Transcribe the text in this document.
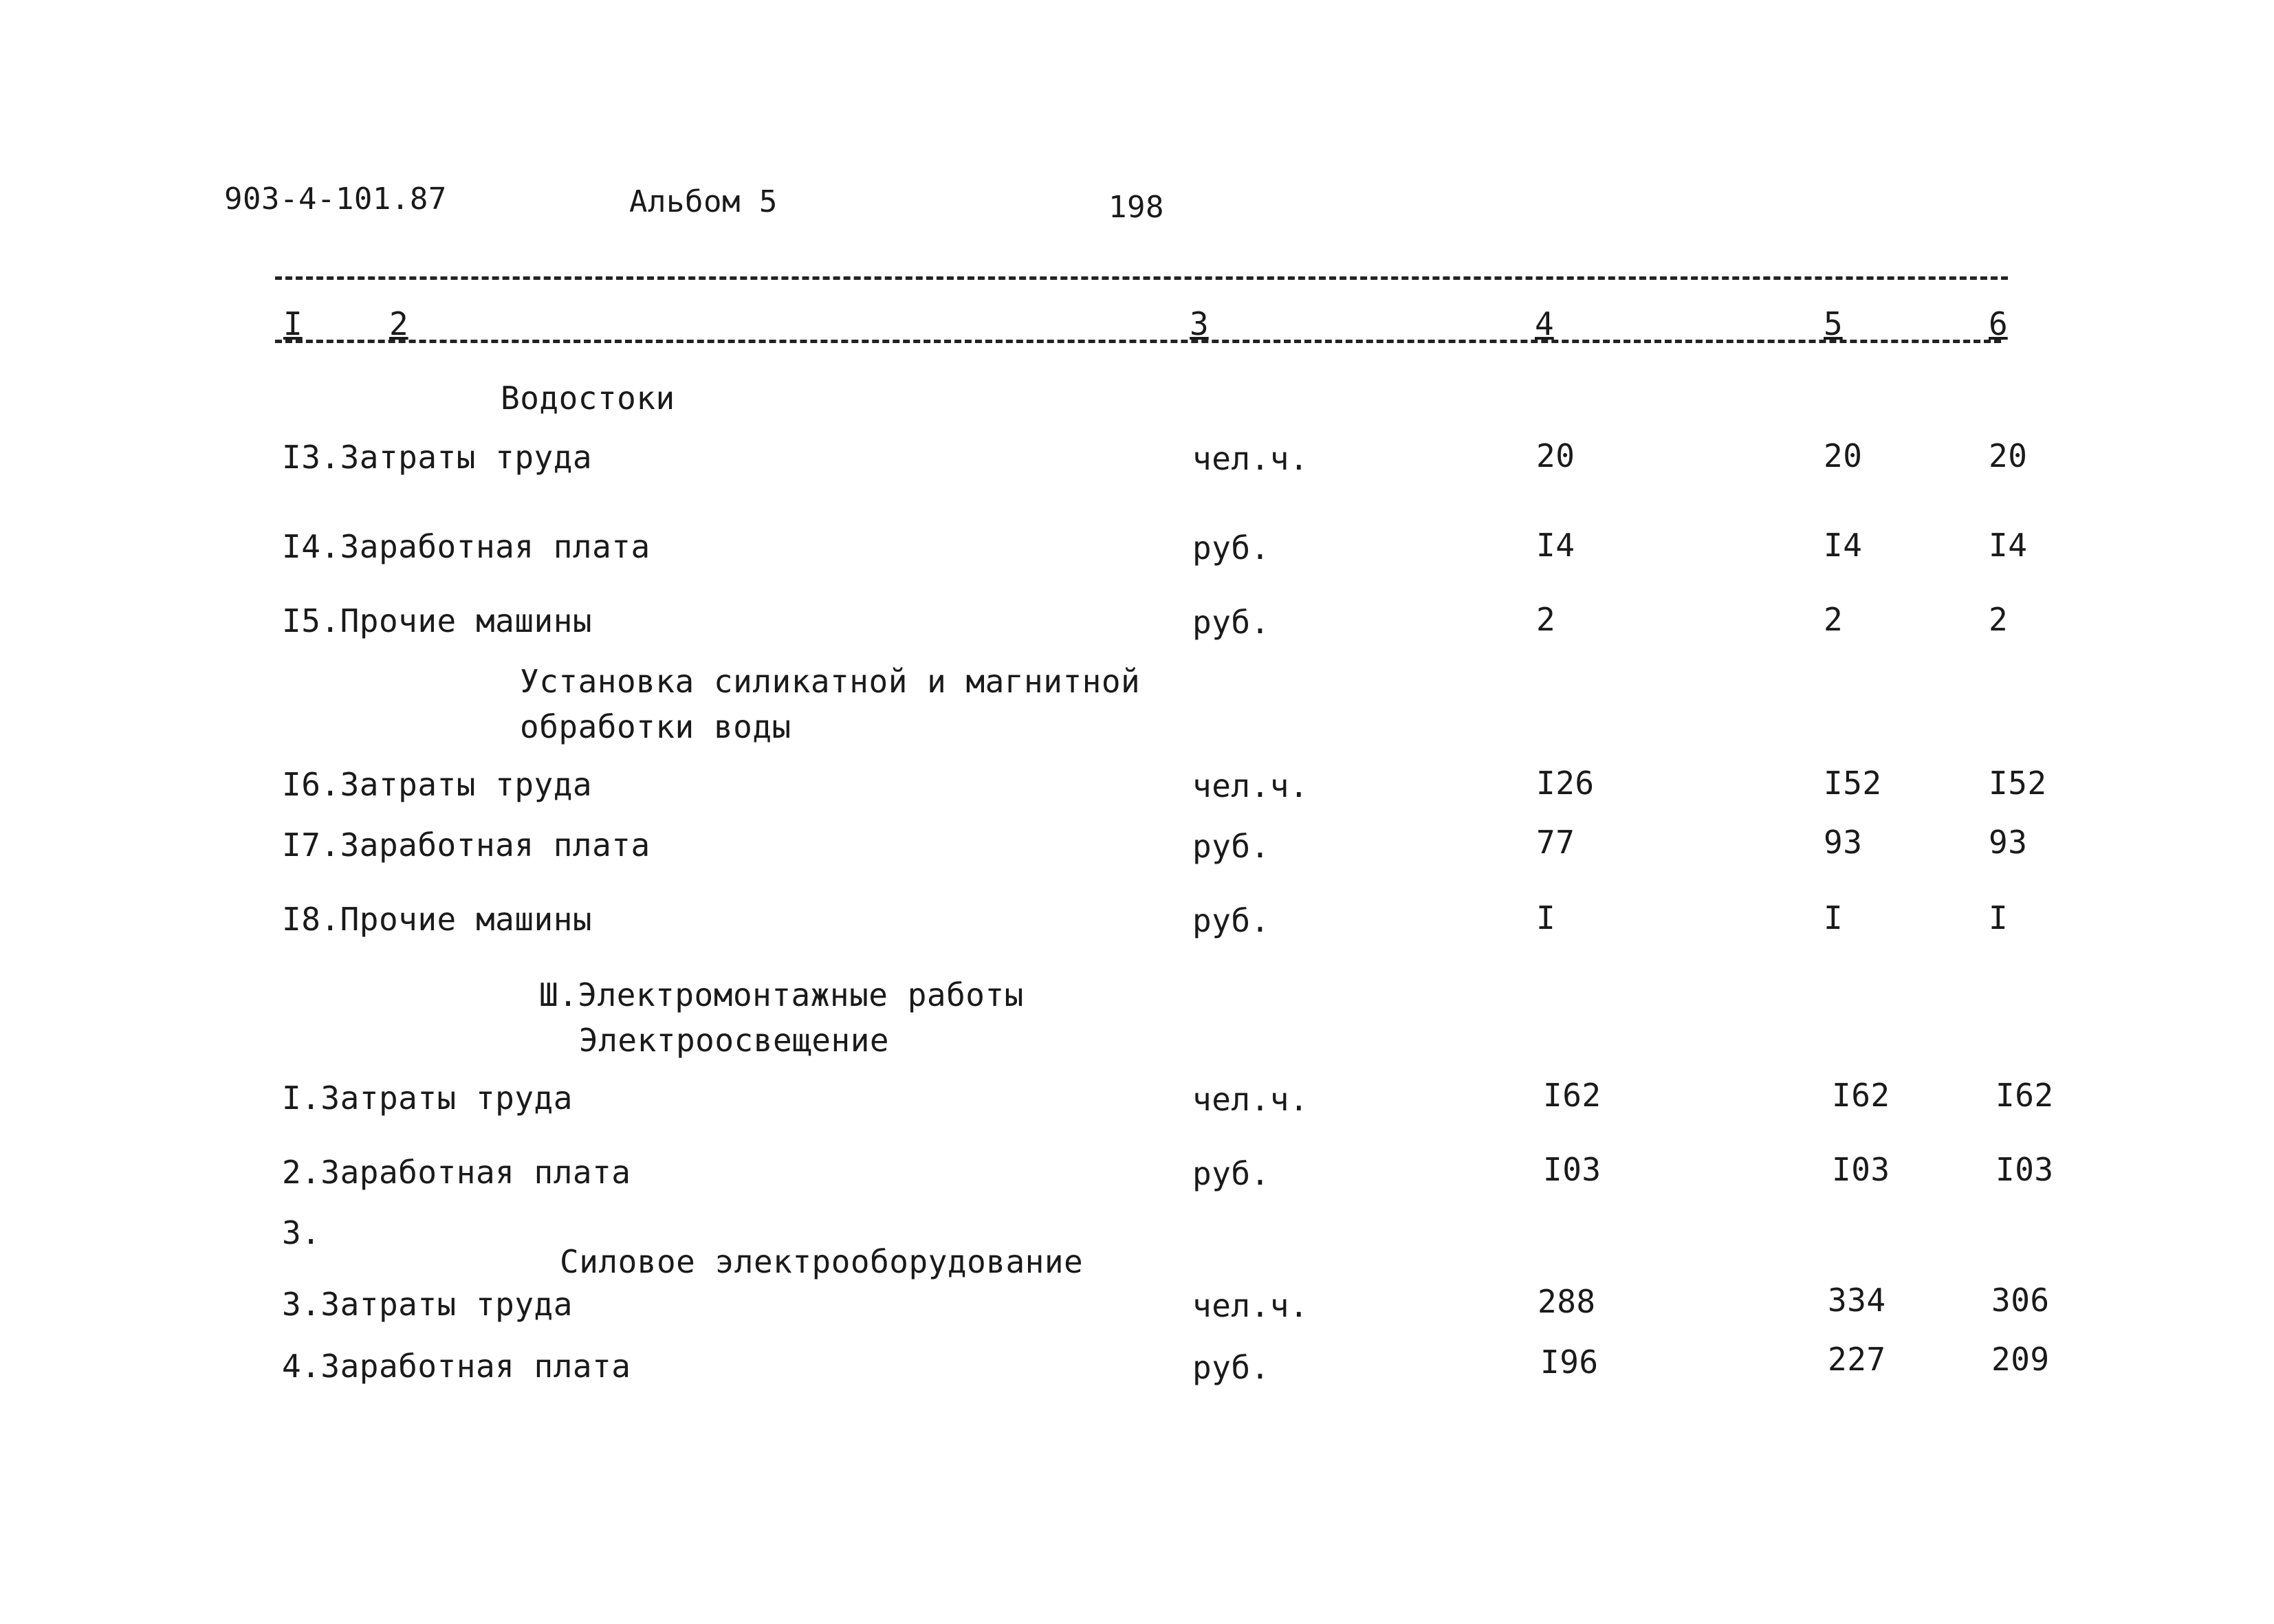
903-4-101.87	Альбом 5	198
I	2	3	4	5	6
Водостоки
I3.Затраты труда	чел.ч.	20	20	20
I4.Заработная плата	руб.	I4	I4	I4
I5.Прочие машины	руб.	2	2	2
Установка силикатной и магнитной
обработки воды
I6.Затраты труда	чел.ч.	I26	I52	I52
I7.Заработная плата	руб.	77	93	93
I8.Прочие машины	руб.	I	I	I
Ш.Электромонтажные работы
Электроосвещение
I.Затраты труда	чел.ч.	I62	I62	I62
2.Заработная плата	руб.	I03	I03	I03
3.
Силовое электрооборудование
3.Затраты труда	чел.ч.	288	334	306
4.Заработная плата	руб.	I96	227	209
